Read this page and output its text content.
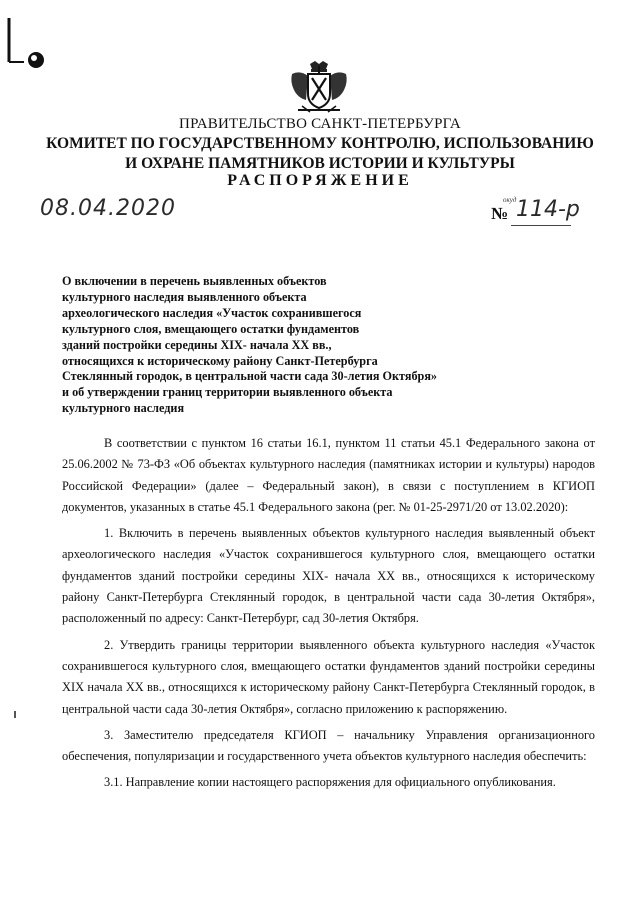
ПРАВИТЕЛЬСТВО САНКТ-ПЕТЕРБУРГА
КОМИТЕТ ПО ГОСУДАРСТВЕННОМУ КОНТРОЛЮ, ИСПОЛЬЗОВАНИЮ
И ОХРАНЕ ПАМЯТНИКОВ ИСТОРИИ И КУЛЬТУРЫ
РАСПОРЯЖЕНИЕ
08.04.2020	окуд
№ 114-р
О включении в перечень выявленных объектов
культурного наследия выявленного объекта
археологического наследия «Участок сохранившегося
культурного слоя, вмещающего остатки фундаментов
зданий постройки середины XIX- начала XX вв.,
относящихся к историческому району Санкт-Петербурга
Стеклянный городок, в центральной части сада 30-летия Октября»
и об утверждении границ территории выявленного объекта
культурного наследия

В соответствии с пунктом 16 статьи 16.1, пунктом 11 статьи 45.1 Федерального закона от 25.06.2002 № 73-ФЗ «Об объектах культурного наследия (памятниках истории и культуры) народов Российской Федерации» (далее – Федеральный закон), в связи с поступлением в КГИОП документов, указанных в статье 45.1 Федерального закона (рег. № 01-25-2971/20 от 13.02.2020):

1. Включить в перечень выявленных объектов культурного наследия выявленный объект археологического наследия «Участок сохранившегося культурного слоя, вмещающего остатки фундаментов зданий постройки середины XIX- начала XX вв., относящихся к историческому району Санкт-Петербурга Стеклянный городок, в центральной части сада 30-летия Октября», расположенный по адресу: Санкт-Петербург, сад 30-летия Октября.

2. Утвердить границы территории выявленного объекта культурного наследия «Участок сохранившегося культурного слоя, вмещающего остатки фундаментов зданий постройки середины XIX начала XX вв., относящихся к историческому району Санкт-Петербурга Стеклянный городок, в центральной части сада 30-летия Октября», согласно приложению к распоряжению.

3. Заместителю председателя КГИОП – начальнику Управления организационного обеспечения, популяризации и государственного учета объектов культурного наследия обеспечить:

3.1. Направление копии настоящего распоряжения для официального опубликования.
